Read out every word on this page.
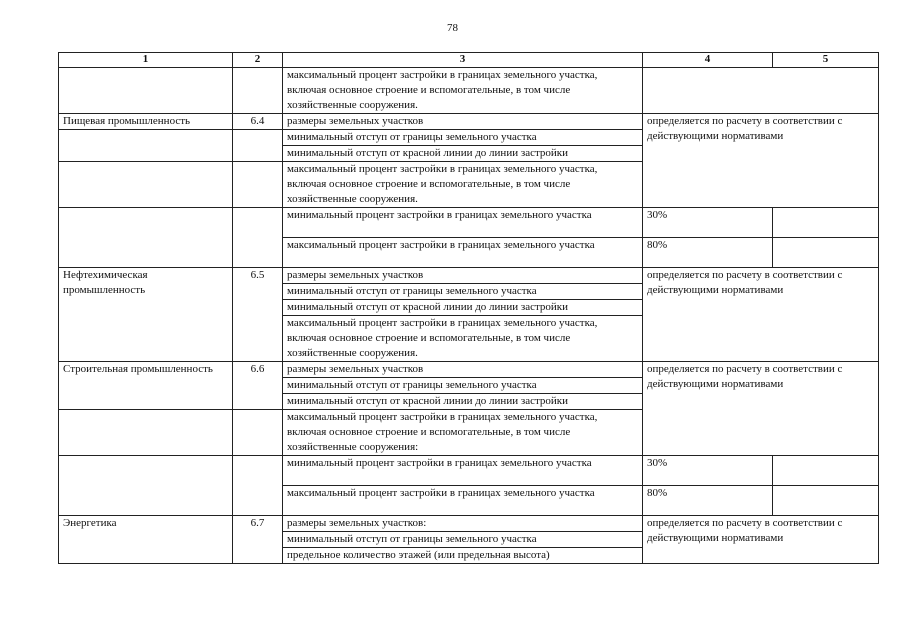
78
1	2	3	4	5
		максимальный процент застройки в границах земельного участка, включая основное строение и вспомогательные, в том числе хозяйственные сооружения.		
Пищевая промышленность	6.4	размеры земельных участков	определяется по расчету в соответствии с действующими нормативами	
		минимальный отступ от границы земельного участка		
		минимальный отступ от красной линии до линии застройки		
		максимальный процент застройки в границах земельного участка, включая основное строение и вспомогательные, в том числе хозяйственные сооружения.		
		минимальный процент застройки в границах земельного участка	30%	
		максимальный процент застройки в границах земельного участка	80%	
Нефтехимическая промышленность	6.5	размеры земельных участков	определяется по расчету в соответствии с действующими нормативами	
		минимальный отступ от границы земельного участка		
		минимальный отступ от красной линии до линии застройки		
		максимальный процент застройки в границах земельного участка, включая основное строение и вспомогательные, в том числе хозяйственные сооружения.		
Строительная промышленность	6.6	размеры земельных участков	определяется по расчету в соответствии с действующими нормативами	
		минимальный отступ от границы земельного участка		
		минимальный отступ от красной линии до линии застройки		
		максимальный процент застройки в границах земельного участка, включая основное строение и вспомогательные, в том числе хозяйственные сооружения:		
		минимальный процент застройки в границах земельного участка	30%	
		максимальный процент застройки в границах земельного участка	80%	
Энергетика	6.7	размеры земельных участков:	определяется по расчету в соответствии с действующими нормативами	
		минимальный отступ от границы земельного участка		
		предельное количество этажей (или предельная высота)		
